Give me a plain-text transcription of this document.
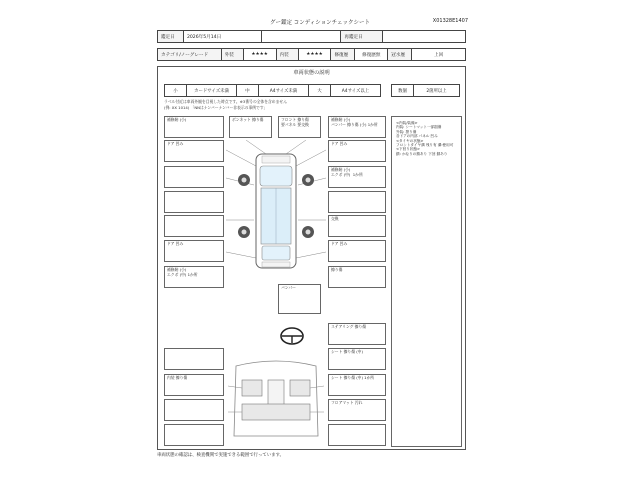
グー鑑定 コンディションチェックシート	X01328E1407
鑑定日	2026年5月14日		再鑑定日	
カテゴリ/ノーグレード	外装	★★★★	内装	★★★★	修復歴	修復歴無	冠水歴	上回
車両状態の説明
小	カードサイズ未満	中	A4サイズ未満	大	A4サイズ以上	数個	2箇所以上
ラベル付近は車両外観を目視した時点です。※3番号の全体を含めません
(例: XX 1014) 「NNはナンバーナンバー非表示の事例です」
補修跡 (小)
ドア 凹み
ドア 凹み
補修跡 (小)
エクボ (中) 1か所
ボンネット 擦り傷	フロント 擦り傷
要パネル 要交換
補修跡 (小)
バンパー 擦り傷 (小) 1か所
ドア 凹み
補修跡 (小)
エクボ (中)  1か所
交換
ドア 凹み
擦り傷
バンパー
ステアリング 擦り傷
シート 擦り傷 (中)
シート 擦り傷 (中) 1か所
フロアマット 汚れ
内装 擦り傷
<内装/装備>
内装: シートマット一部損傷
外装: 擦り傷
各ドアの内部 パネル 凹み
<タイヤの状態>
フロントタイヤ溝 残り有 溝:使用可
<下回り状態>
錆: かなりの錆あり 下回 錆あり
車両状態の確認は、検査機関で実施できる範囲で行っています。
